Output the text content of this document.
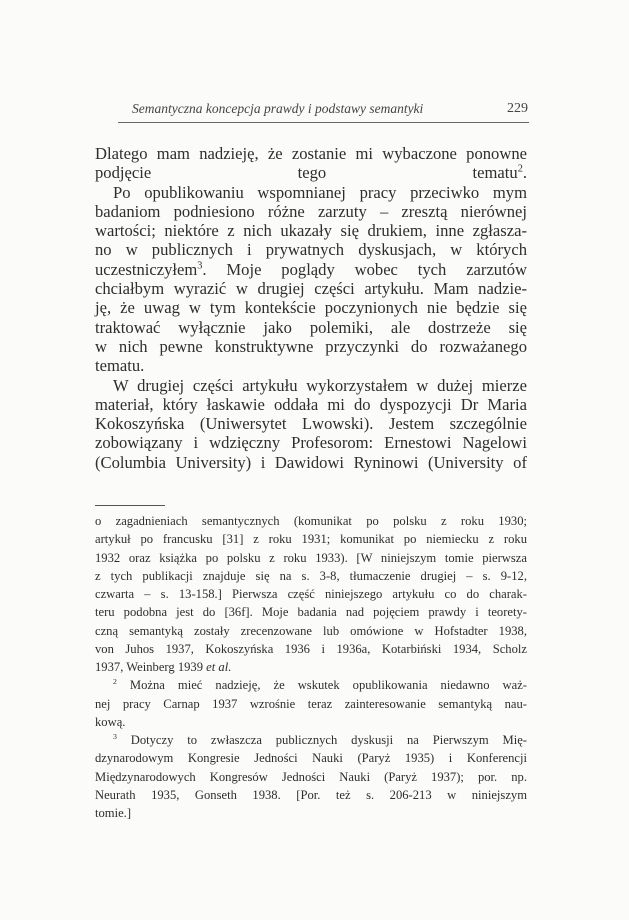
Semantyczna koncepcja prawdy i podstawy semantyki	229
Dlatego mam nadzieję, że zostanie mi wybaczone ponowne
podjęcie tego tematu$^2$.
Po opublikowaniu wspomnianej pracy przeciwko mym
badaniom podniesiono różne zarzuty – zresztą nierównej
wartości; niektóre z nich ukazały się drukiem, inne zgłasza-
no w publicznych i prywatnych dyskusjach, w których
uczestniczyłem$^3$. Moje poglądy wobec tych zarzutów
chciałbym wyrazić w drugiej części artykułu. Mam nadzie-
ję, że uwag w tym kontekście poczynionych nie będzie się
traktować wyłącznie jako polemiki, ale dostrzeże się
w nich pewne konstruktywne przyczynki do rozważanego
tematu.
W drugiej części artykułu wykorzystałem w dużej mierze
materiał, który łaskawie oddała mi do dyspozycji Dr Maria
Kokoszyńska (Uniwersytet Lwowski). Jestem szczególnie
zobowiązany i wdzięczny Profesorom: Ernestowi Nagelowi
(Columbia University) i Dawidowi Ryninowi (University of
o zagadnieniach semantycznych (komunikat po polsku z roku 1930;
artykuł po francusku [31] z roku 1931; komunikat po niemiecku z roku
1932 oraz książka po polsku z roku 1933). [W niniejszym tomie pierwsza
z tych publikacji znajduje się na s. 3-8, tłumaczenie drugiej – s. 9-12,
czwarta – s. 13-158.] Pierwsza część niniejszego artykułu co do charak-
teru podobna jest do [36f]. Moje badania nad pojęciem prawdy i teorety-
czną semantyką zostały zrecenzowane lub omówione w Hofstadter 1938,
von Juhos 1937, Kokoszyńska 1936 i 1936a, Kotarbiński 1934, Scholz
1937, Weinberg 1939 et al.
$^2$ Można mieć nadzieję, że wskutek opublikowania niedawno waż-
nej pracy Carnap 1937 wzrośnie teraz zainteresowanie semantyką nau-
kową.
$^3$ Dotyczy to zwłaszcza publicznych dyskusji na Pierwszym Mię-
dzynarodowym Kongresie Jedności Nauki (Paryż 1935) i Konferencji
Międzynarodowych Kongresów Jedności Nauki (Paryż 1937); por. np.
Neurath 1935, Gonseth 1938. [Por. też s. 206-213 w niniejszym
tomie.]
